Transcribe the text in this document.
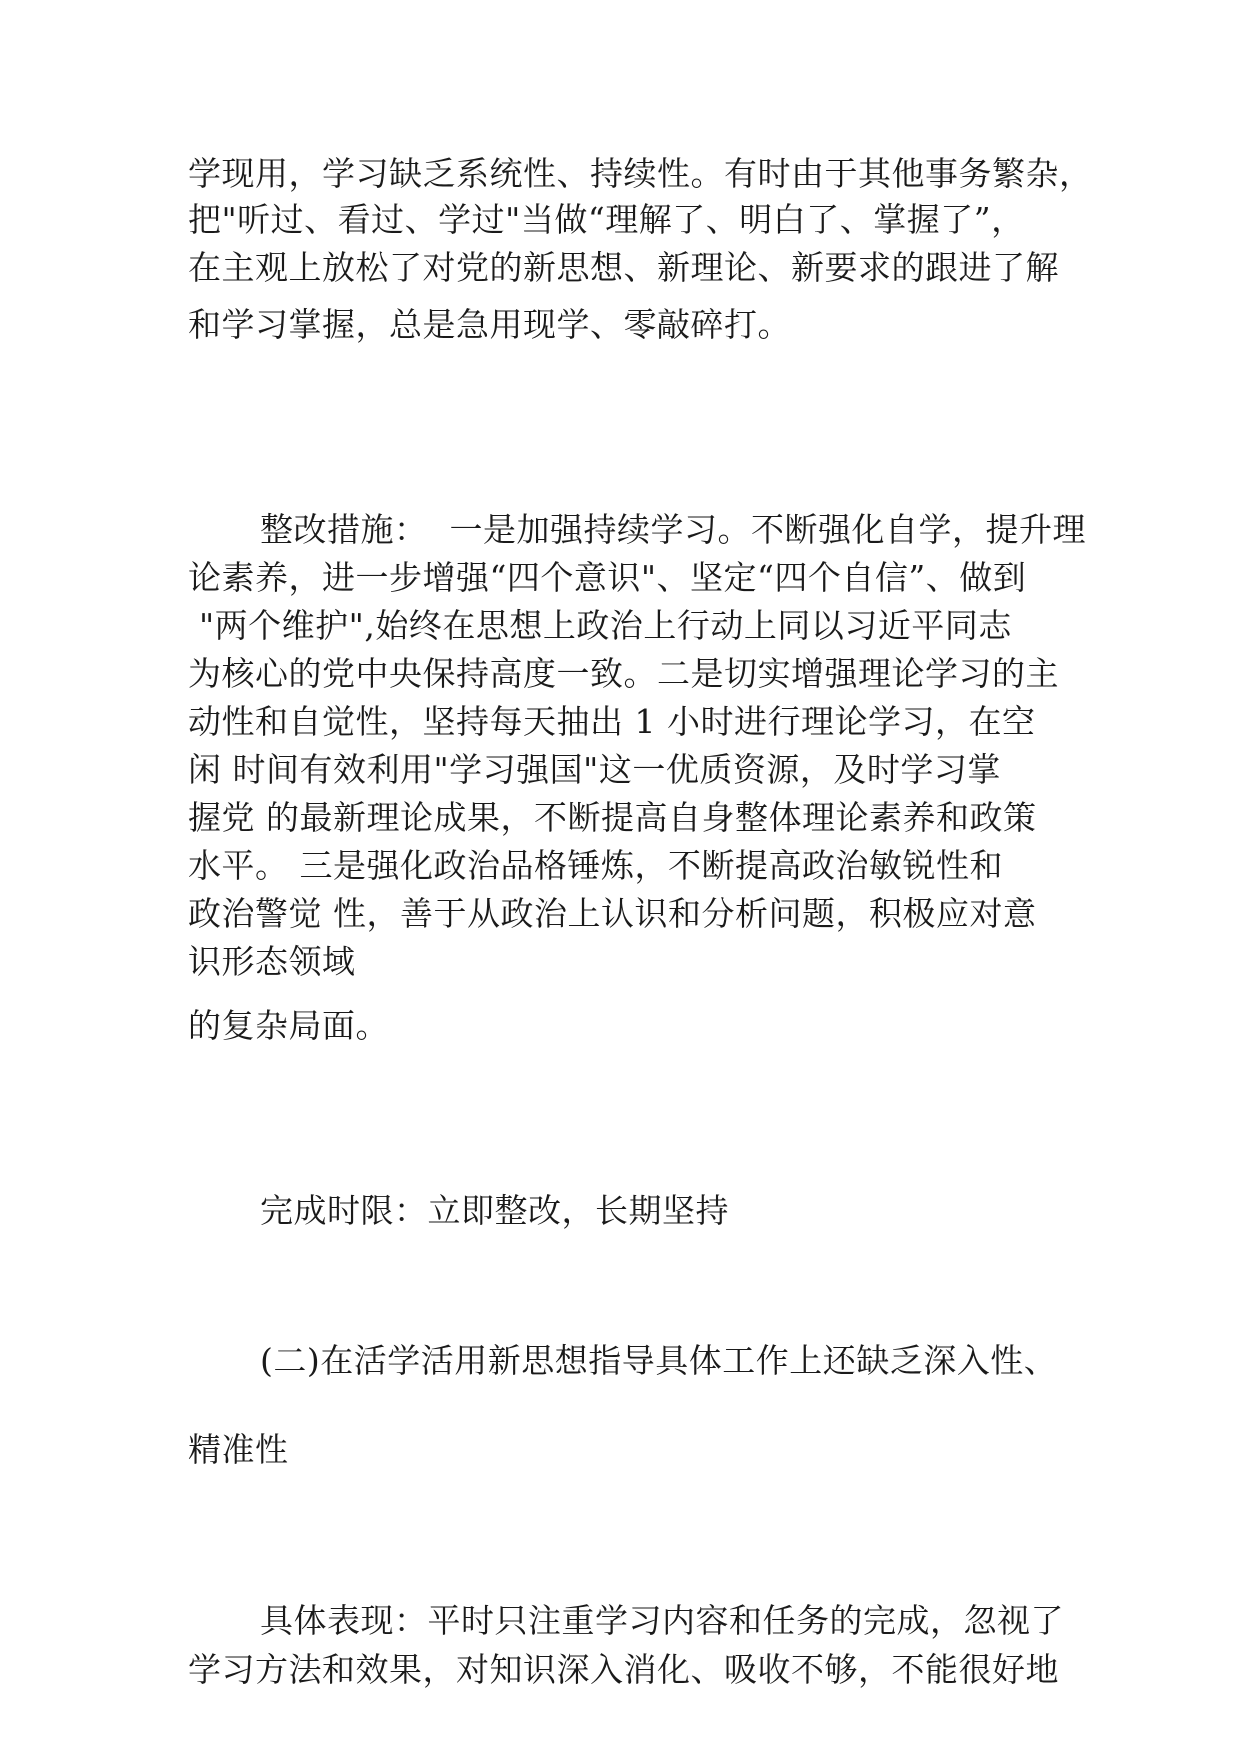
学现用，学习缺乏系统性、持续性。有时由于其他事务繁杂，
把"听过、看过、学过"当做“理解了、明白了、掌握了”，
在主观上放松了对党的新思想、新理论、新要求的跟进了解
和学习掌握，总是急用现学、零敲碎打。
整改措施：  一是加强持续学习。不断强化自学，提升理
论素养，进一步增强“四个意识"、坚定“四个自信”、做到
"两个维护",始终在思想上政治上行动上同以习近平同志
为核心的党中央保持高度一致。二是切实增强理论学习的主
动性和自觉性，坚持每天抽出 1 小时进行理论学习，在空
闲 时间有效利用"学习强国"这一优质资源，及时学习掌
握党 的最新理论成果，不断提高自身整体理论素养和政策
水平。 三是强化政治品格锤炼，不断提高政治敏锐性和
政治警觉 性，善于从政治上认识和分析问题，积极应对意
识形态领域
的复杂局面。
完成时限：立即整改，长期坚持
(二)在活学活用新思想指导具体工作上还缺乏深入性、
精准性
具体表现：平时只注重学习内容和任务的完成，忽视了
学习方法和效果，对知识深入消化、吸收不够，不能很好地
